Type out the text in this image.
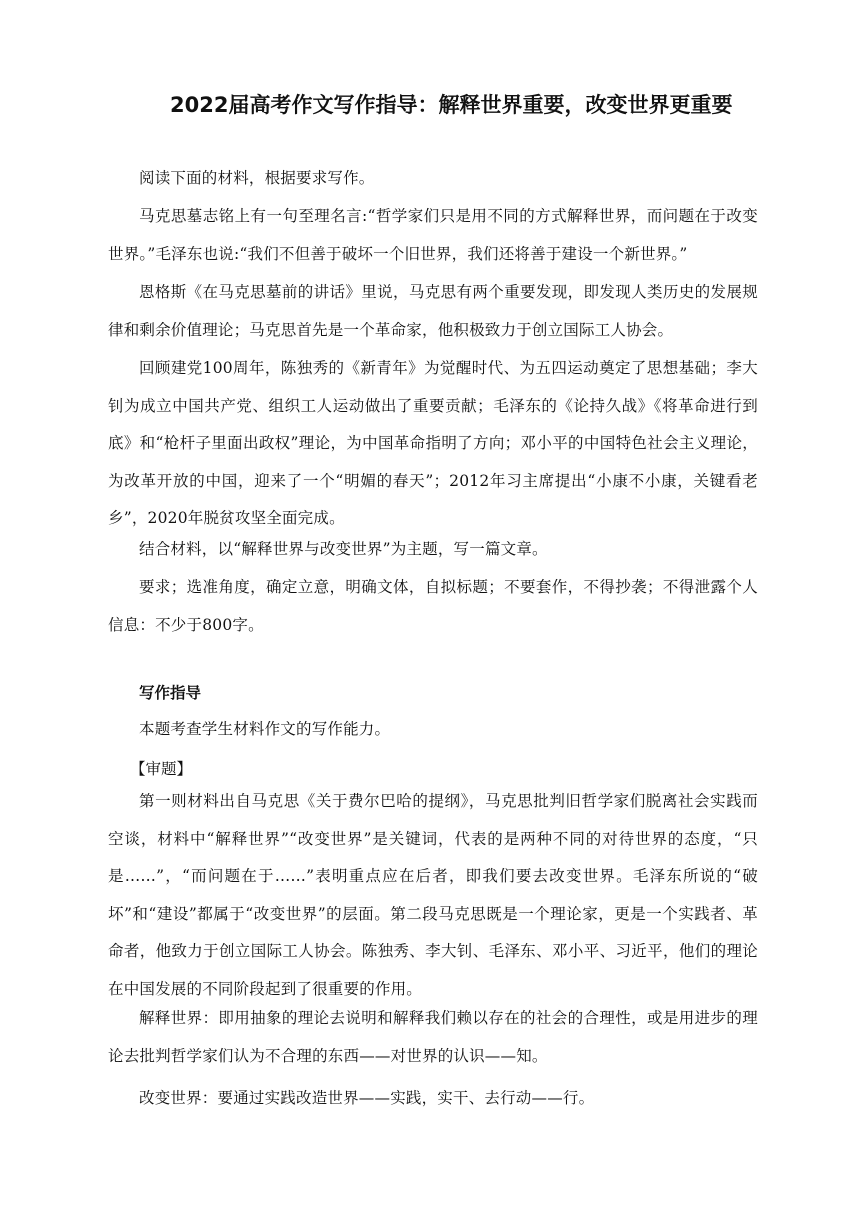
2022届高考作文写作指导：解释世界重要，改变世界更重要
阅读下面的材料，根据要求写作。
马克思墓志铭上有一句至理名言:“哲学家们只是用不同的方式解释世界，而问题在于改变世界。”毛泽东也说:“我们不但善于破坏一个旧世界，我们还将善于建设一个新世界。”
恩格斯《在马克思墓前的讲话》里说，马克思有两个重要发现，即发现人类历史的发展规律和剩余价值理论；马克思首先是一个革命家，他积极致力于创立国际工人协会。
回顾建党100周年，陈独秀的《新青年》为觉醒时代、为五四运动奠定了思想基础；李大钊为成立中国共产党、组织工人运动做出了重要贡献；毛泽东的《论持久战》《将革命进行到底》和“枪杆子里面出政权”理论，为中国革命指明了方向；邓小平的中国特色社会主义理论，为改革开放的中国，迎来了一个“明媚的春天”；2012年习主席提出“小康不小康，关键看老乡”，2020年脱贫攻坚全面完成。
结合材料，以“解释世界与改变世界”为主题，写一篇文章。
要求；选准角度，确定立意，明确文体，自拟标题；不要套作，不得抄袭；不得泄露个人信息：不少于800字。
写作指导
本题考查学生材料作文的写作能力。
【审题】
第一则材料出自马克思《关于费尔巴哈的提纲》，马克思批判旧哲学家们脱离社会实践而空谈，材料中“解释世界”“改变世界”是关键词，代表的是两种不同的对待世界的态度，“只是……”，“而问题在于……”表明重点应在后者，即我们要去改变世界。毛泽东所说的“破坏”和“建设”都属于“改变世界”的层面。第二段马克思既是一个理论家，更是一个实践者、革命者，他致力于创立国际工人协会。陈独秀、李大钊、毛泽东、邓小平、习近平，他们的理论在中国发展的不同阶段起到了很重要的作用。
解释世界：即用抽象的理论去说明和解释我们赖以存在的社会的合理性，或是用进步的理论去批判哲学家们认为不合理的东西——对世界的认识——知。
改变世界：要通过实践改造世界——实践，实干、去行动——行。
